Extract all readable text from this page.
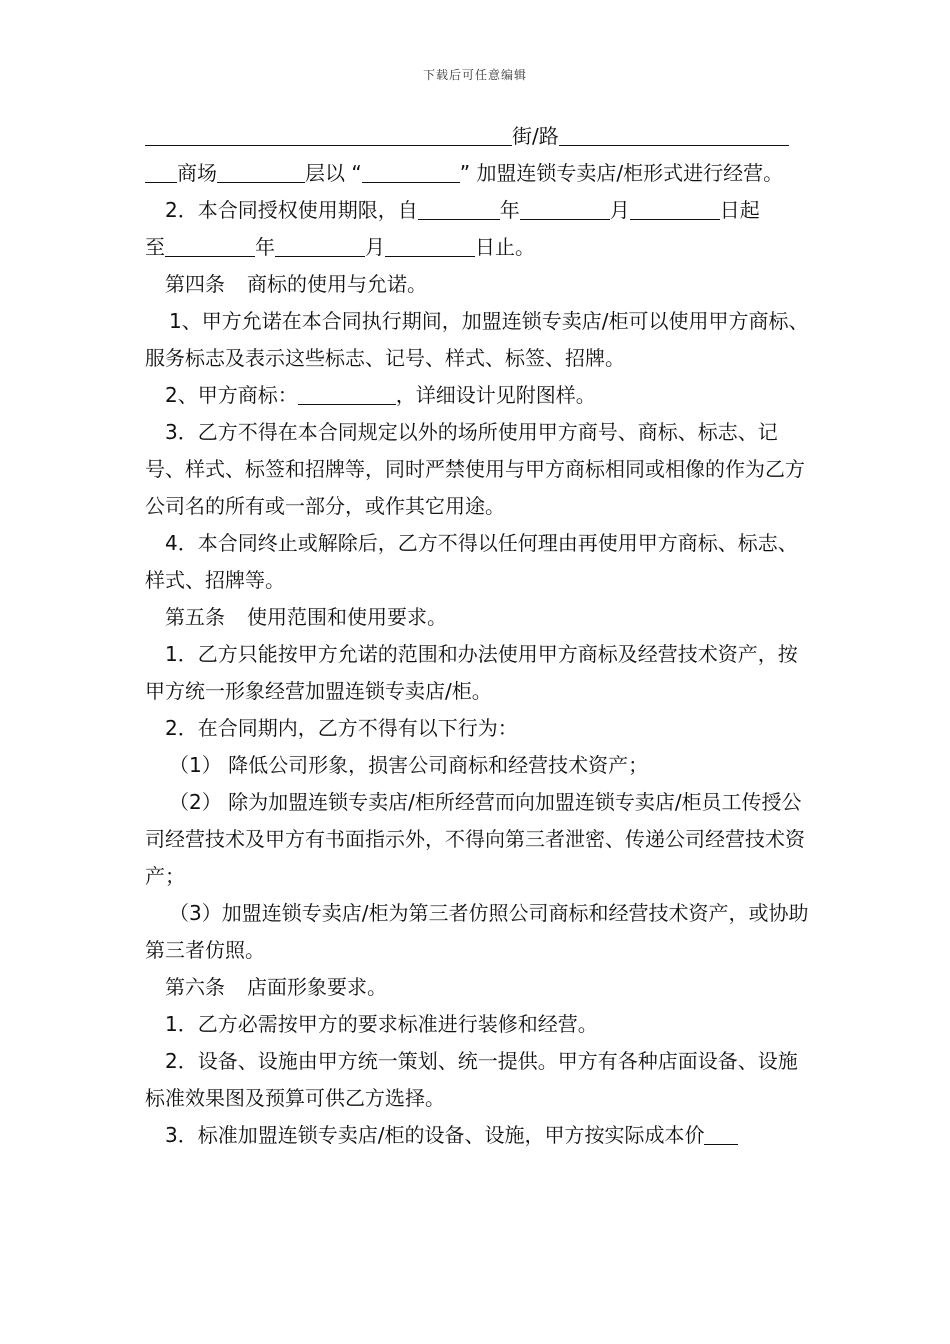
下载后可任意编辑

街/路

商场	层以 “	” 加盟连锁专卖店/柜形式进行经营。

2．本合同授权使用期限，自	年	月	日起

至	年	月	日止。

第四条 商标的使用与允诺。

1、甲方允诺在本合同执行期间，加盟连锁专卖店/柜可以使用甲方商标、服务标志及表示这些标志、记号、样式、标签、招牌。

2、甲方商标：	，详细设计见附图样。

3．乙方不得在本合同规定以外的场所使用甲方商号、商标、标志、记号、样式、标签和招牌等，同时严禁使用与甲方商标相同或相像的作为乙方公司名的所有或一部分，或作其它用途。

4．本合同终止或解除后，乙方不得以任何理由再使用甲方商标、标志、样式、招牌等。

第五条 使用范围和使用要求。

1．乙方只能按甲方允诺的范围和办法使用甲方商标及经营技术资产，按甲方统一形象经营加盟连锁专卖店/柜。

2．在合同期内，乙方不得有以下行为：

（1） 降低公司形象，损害公司商标和经营技术资产；

（2） 除为加盟连锁专卖店/柜所经营而向加盟连锁专卖店/柜员工传授公司经营技术及甲方有书面指示外，不得向第三者泄密、传递公司经营技术资产；

（3）加盟连锁专卖店/柜为第三者仿照公司商标和经营技术资产，或协助第三者仿照。

第六条 店面形象要求。

1．乙方必需按甲方的要求标准进行装修和经营。

2．设备、设施由甲方统一策划、统一提供。甲方有各种店面设备、设施标准效果图及预算可供乙方选择。

3．标准加盟连锁专卖店/柜的设备、设施，甲方按实际成本价
